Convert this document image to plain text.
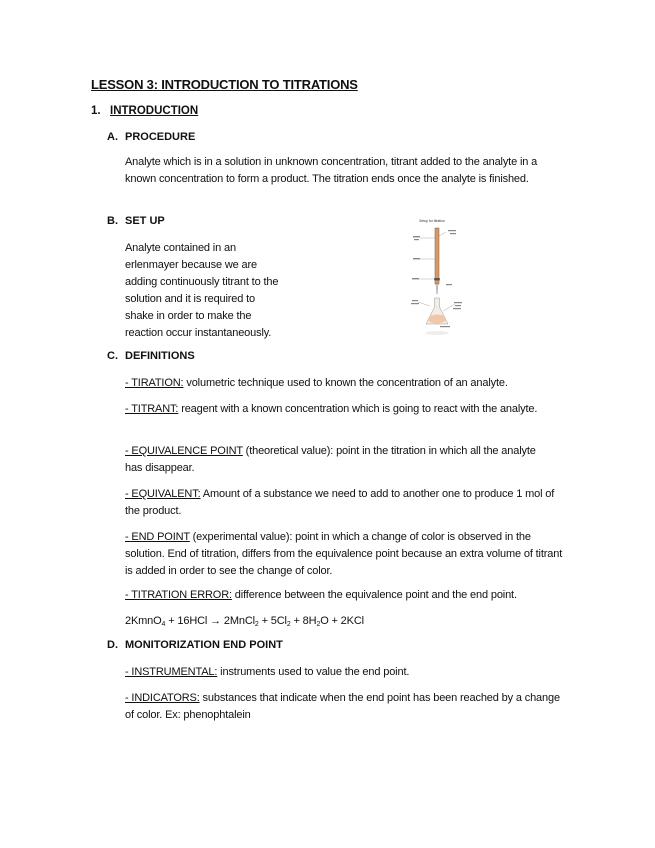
LESSON 3: INTRODUCTION TO TITRATIONS
1. INTRODUCTION
A. PROCEDURE
Analyte which is in a solution in unknown concentration, titrant added to the analyte in a known concentration to form a product. The titration ends once the analyte is finished.
B. SET UP
Analyte contained in an
erlenmayer because we are
adding continuously titrant to the
solution and it is required to
shake in order to make the
reaction occur instantaneously.
Setup for titration
C. DEFINITIONS
- TIRATION: volumetric technique used to known the concentration of an analyte.
- TITRANT: reagent with a known concentration which is going to react with the analyte.
- EQUIVALENCE POINT (theoretical value): point in the titration in which all the analyte has disappear.
- EQUIVALENT: Amount of a substance we need to add to another one to produce 1 mol of the product.
- END POINT (experimental value): point in which a change of color is observed in the solution. End of titration, differs from the equivalence point because an extra volume of titrant is added in order to see the change of color.
- TITRATION ERROR: difference between the equivalence point and the end point.
2KmnO$_4$ + 16HCl → 2MnCl$_2$ + $5Cl_2 + 8H_2O + 2KCl$
D. MONITORIZATION END POINT
- INSTRUMENTAL: instruments used to value the end point.
- INDICATORS: substances that indicate when the end point has been reached by a change of color. Ex: phenophtalein
